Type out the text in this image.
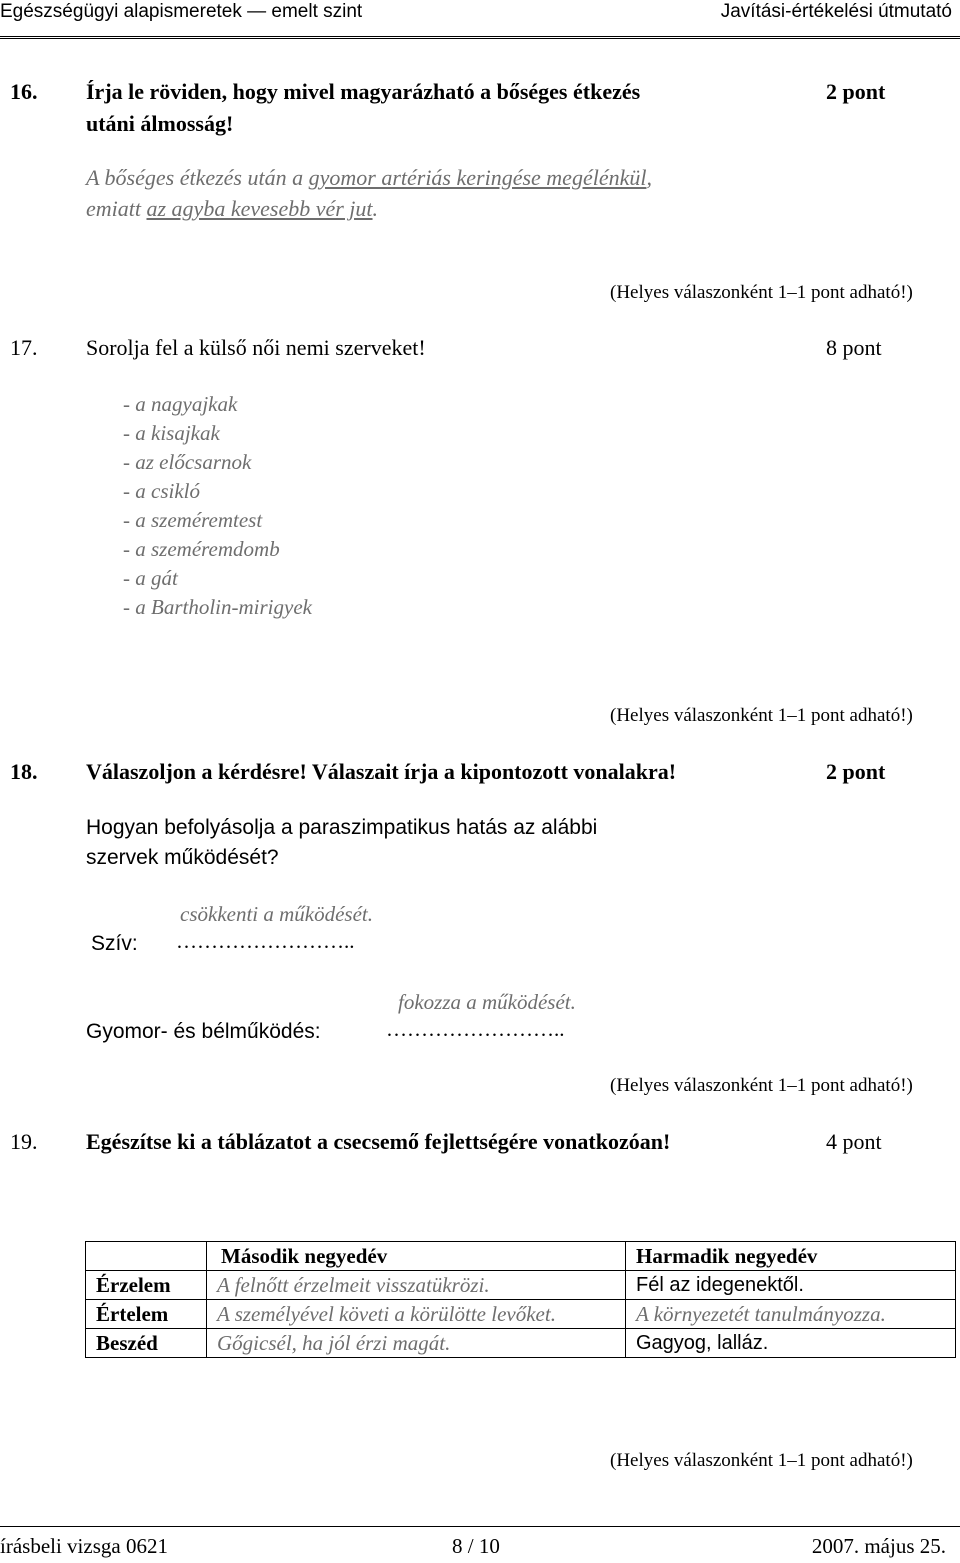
Egészségügyi alapismeretek — emelt szint	Javítási-értékelési útmutató
16. Írja le röviden, hogy mivel magyarázható a bőséges étkezés
utáni álmosság!
2 pont
A bőséges étkezés után a gyomor artériás keringése megélénkül,
emiatt az agyba kevesebb vér jut.
(Helyes válaszonként 1–1 pont adható!)
17. Sorolja fel a külső női nemi szerveket!	8 pont
- a nagyajkak
- a kisajkak
- az előcsarnok
- a csikló
- a szeméremtest
- a szeméremdomb
- a gát
- a Bartholin-mirigyek
(Helyes válaszonként 1–1 pont adható!)
18. Válaszoljon a kérdésre! Válaszait írja a kipontozott vonalakra!	2 pont
Hogyan befolyásolja a paraszimpatikus hatás az alábbi
szervek működését?
csökkenti a működését.
Szív: ……………………..
fokozza a működését.
Gyomor- és bélműködés:	……………………..
(Helyes válaszonként 1–1 pont adható!)
19. Egészítse ki a táblázatot a csecsemő fejlettségére vonatkozóan!	4 pont
	Második negyedév	Harmadik negyedév
Érzelem	A felnőtt érzelmeit visszatükrözi.	Fél az idegenektől.
Értelem	A személyével követi a körülötte levőket.	A környezetét tanulmányozza.
Beszéd	Gőgicsél, ha jól érzi magát.	Gagyog, lalláz.
(Helyes válaszonként 1–1 pont adható!)
írásbeli vizsga 0621	8 / 10	2007. május 25.
